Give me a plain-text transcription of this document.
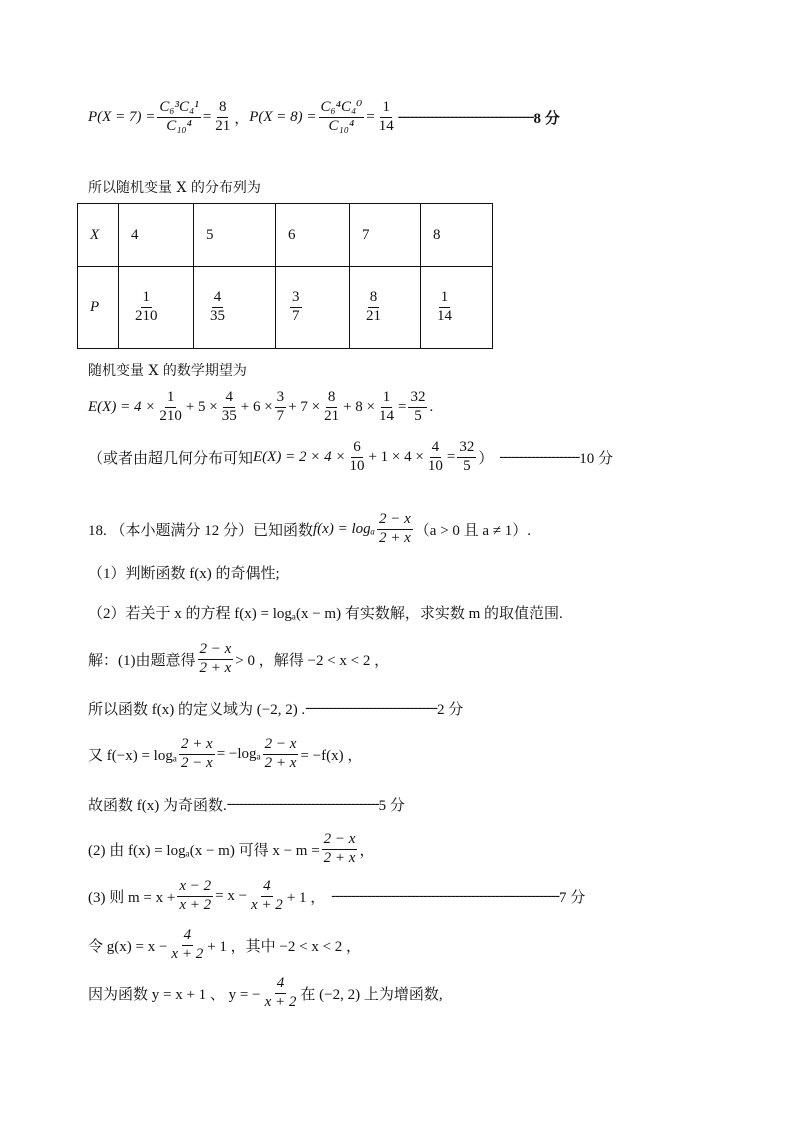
$P(X = 7) = \frac{\text{C₆³C₄¹}}{\text{C₁₀⁴}} = \frac{8}{21}$ ， $P(X = 8) = \frac{\text{C₆⁴C₄⁰}}{\text{C₁₀⁴}} = \frac{1}{14}$ ---------------------------------- 8 分
所以随机变量 X 的分布列为
X	4	5	6	7	8
P	$\frac{1}{210}$	$\frac{4}{35}$	$\frac{3}{7}$	$\frac{8}{21}$	$\frac{1}{14}$
随机变量 X 的数学期望为
$E(X) = 4 \times \frac{1}{210} + 5 \times \frac{4}{35} + 6 \times \frac{3}{7} + 7 \times \frac{8}{21} + 8 \times \frac{1}{14} = \frac{32}{5}$ .
（或者由超几何分布可知 $E(X) = 2 \times 4 \times \frac{6}{10} + 1 \times 4 \times \frac{4}{10} = \frac{32}{5}$ ） -------------------- 10 分
18. （本小题满分 12 分）已知函数 f(x) = logₐ $\frac{2 - x}{2 + x} (a > 0$ 且 a ≠ 1）.
（1）判断函数 f(x) 的奇偶性;
（2）若关于 x 的方程 f(x) = logₐ(x − m) 有实数解，求实数 m 的取值范围.
解：(1)由题意得 $\frac{2 - x}{2 + x} > 0$ ，解得 −2 < x < 2 ，
所以函数 f(x) 的定义域为 (−2, 2) . --------------------------------- 2 分
又 f(−x) = logₐ $\frac{2 + x}{2 - x} = -\log_a \frac{2 - x}{2 + x} = -f(x)$ ，
故函数 f(x) 为奇函数. -------------------------------------- 5 分
(2) 由 f(x) = logₐ(x − m) 可得 $x - m = \frac{2 - x}{2 + x}$ ，
(3) 则 $m = x + \frac{x - 2}{x + 2} = x - \frac{4}{x + 2} + 1$ ， --------------------------------------------------------- 7 分
令 $g(x) = x - \frac{4}{x + 2} + 1$ ，其中 −2 < x < 2 ，
因为函数 y = x + 1 、 y = − $\frac{4}{x + 2}$ 在 (−2, 2) 上为增函数,
